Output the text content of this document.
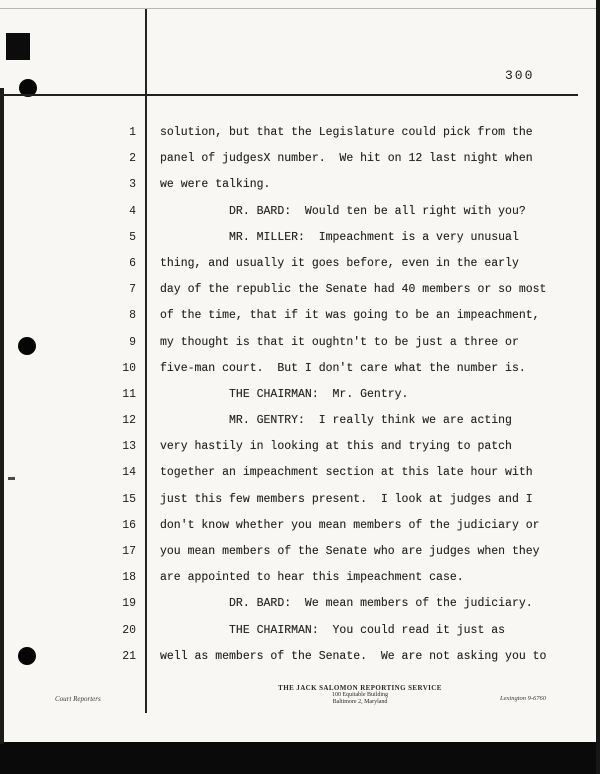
300
1 solution, but that the Legislature could pick from the
2 panel of judgesX number.  We hit on 12 last night when
3 we were talking.
4 DR. BARD:  Would ten be all right with you?
5 MR. MILLER:  Impeachment is a very unusual
6 thing, and usually it goes before, even in the early
7 day of the republic the Senate had 40 members or so most
8 of the time, that if it was going to be an impeachment,
9 my thought is that it oughtn't to be just a three or
10 five-man court.  But I don't care what the number is.
11 THE CHAIRMAN:  Mr. Gentry.
12 MR. GENTRY:  I really think we are acting
13 very hastily in looking at this and trying to patch
14 together an impeachment section at this late hour with
15 just this few members present.  I look at judges and I
16 don't know whether you mean members of the judiciary or
17 you mean members of the Senate who are judges when they
18 are appointed to hear this impeachment case.
19 DR. BARD:  We mean members of the judiciary.
20 THE CHAIRMAN:  You could read it just as
21 well as members of the Senate.  We are not asking you to
THE JACK SALOMON REPORTING SERVICE
100 Equitable Building
Baltimore 2, Maryland
Court Reporters	Lexington 9-6760
